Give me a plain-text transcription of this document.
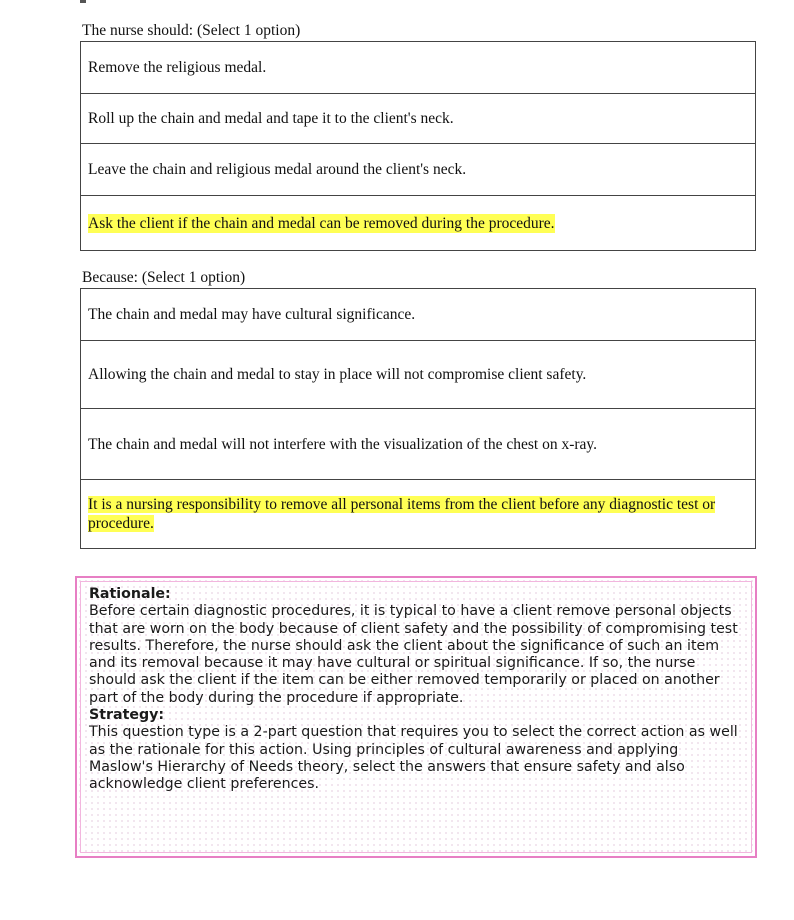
The nurse should: (Select 1 option)
Remove the religious medal.
Roll up the chain and medal and tape it to the client's neck.
Leave the chain and religious medal around the client's neck.
Ask the client if the chain and medal can be removed during the procedure.
Because: (Select 1 option)
The chain and medal may have cultural significance.
Allowing the chain and medal to stay in place will not compromise client safety.
The chain and medal will not interfere with the visualization of the chest on x-ray.
It is a nursing responsibility to remove all personal items from the client before any diagnostic test or procedure.
Rationale:
Before certain diagnostic procedures, it is typical to have a client remove personal objects that are worn on the body because of client safety and the possibility of compromising test results. Therefore, the nurse should ask the client about the significance of such an item and its removal because it may have cultural or spiritual significance. If so, the nurse should ask the client if the item can be either removed temporarily or placed on another part of the body during the procedure if appropriate.
Strategy:
This question type is a 2-part question that requires you to select the correct action as well as the rationale for this action. Using principles of cultural awareness and applying Maslow's Hierarchy of Needs theory, select the answers that ensure safety and also acknowledge client preferences.
